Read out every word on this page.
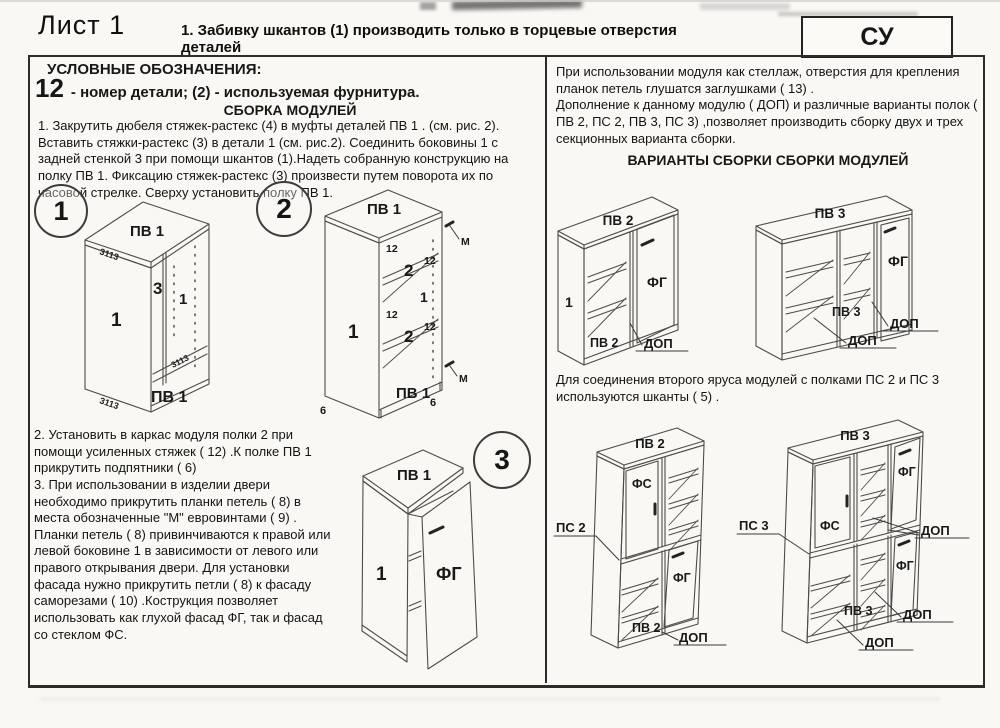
Лист 1	1. Забивку шкантов (1) производить только в торцевые отверстия деталей	СУ
УСЛОВНЫЕ ОБОЗНАЧЕНИЯ:
12 - номер детали; (2) - используемая фурнитура.
СБОРКА МОДУЛЕЙ
1. Закрутить дюбеля стяжек-растекс (4) в муфты деталей ПВ 1 . (см. рис. 2). Вставить стяжки-растекс (3) в детали 1 (см. рис.2). Соединить боковины 1 с задней стенкой 3 при помощи шкантов (1).Надеть собранную конструкцию на полку ПВ 1. Фиксацию стяжек-растекс (3) произвести путем поворота их по часовой стрелке. Сверху установить полку ПВ 1.

2. Установить в каркас модуля полки 2 при помощи усиленных стяжек ( 12) .К полке ПВ 1 прикрутить подпятники ( 6)

3. При использовании в изделии двери необходимо прикрутить планки петель ( 8) в места обозначенные "М" евровинтами ( 9) . Планки петель ( 8) привинчиваются к правой или левой боковине 1 в зависимости от левого или правого открывания двери. Для установки фасада нужно прикрутить петли ( 8) к фасаду саморезами ( 10) .Кострукция позволяет использовать как глухой фасад ФГ, так и фасад со стеклом ФС.

1	2
3
ПВ 1
1
3
1
ПВ 1
3113
3113
3113
ПВ 1
1
2
2
12
12
12
12
1
М
М
ПВ 1
6
6
ПВ 1
1	ФГ

При использовании модуля как стеллаж, отверстия для крепления планок петель глушатся заглушками ( 13) .

Дополнение к данному модулю ( ДОП) и различные варианты полок ( ПВ 2, ПС 2, ПВ 3, ПС 3) ,позволяет производить сборку двух и трех секционных варианта сборки.

ВАРИАНТЫ СБОРКИ СБОРКИ МОДУЛЕЙ
Для соединения второго яруса модулей с полками ПС 2 и ПС 3 используются шканты ( 5) .
ПВ 2
1
ФГ
ПВ 2 ДОП
ПВ 3
ФГ
ПВ 3
ДОП
ДОП
ПВ 2
ФС
ПС 2
ФГ
ПВ 2
ДОП
ПВ 3
ФС
ФГ
ПС 3
ФГ
ПВ 3
ДОП
ДОП
ДОП
